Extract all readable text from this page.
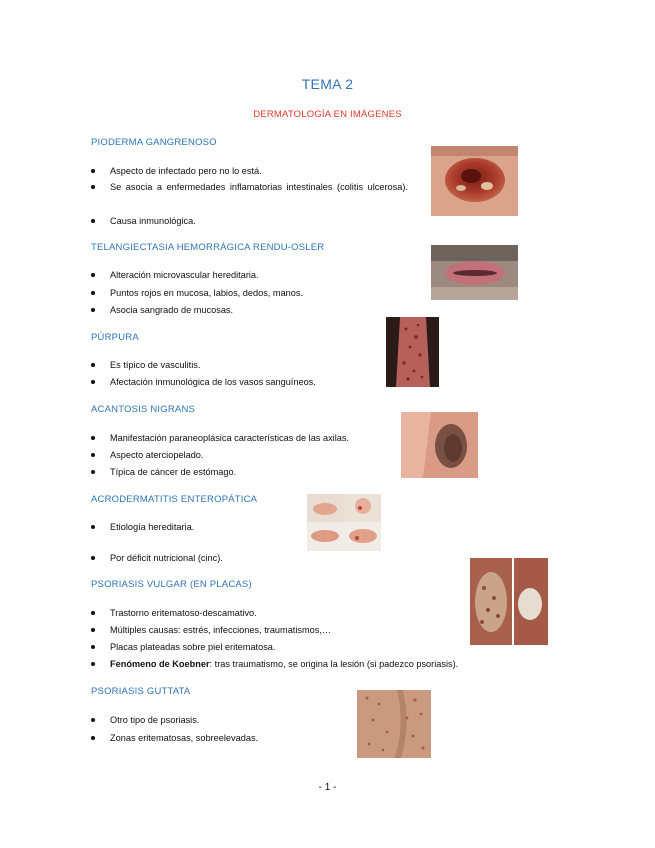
TEMA 2
DERMATOLOGÍA EN IMÁGENES
PIODERMA GANGRENOSO
Aspecto de infectado pero no lo está.
Se asocia a enfermedades inflamatorias intestinales (colitis ulcerosa).
Causa inmunológica.
TELANGIECTASIA HEMORRÁGICA RENDU-OSLER
Alteración microvascular hereditaria.
Puntos rojos en mucosa, labios, dedos, manos.
Asocia sangrado de mucosas.
PÚRPURA
Es típico de vasculitis.
Afectación inmunológica de los vasos sanguíneos.
ACANTOSIS NIGRANS
Manifestación paraneoplásica características de las axilas.
Aspecto aterciopelado.
Típica de cáncer de estómago.
ACRODERMATITIS ENTEROPÁTICA
Etiología hereditaria.
Por déficit nutricional (cinc).
PSORIASIS VULGAR (EN PLACAS)
Trastorno eritematoso-descamativo.
Múltiples causas: estrés, infecciones, traumatismos,…
Placas plateadas sobre piel eritematosa.
Fenómeno de Koebner: tras traumatismo, se origina la lesión (si padezco psoriasis).
PSORIASIS GUTTATA
Otro tipo de psoriasis.
Zonas eritematosas, sobreelevadas.
- 1 -
